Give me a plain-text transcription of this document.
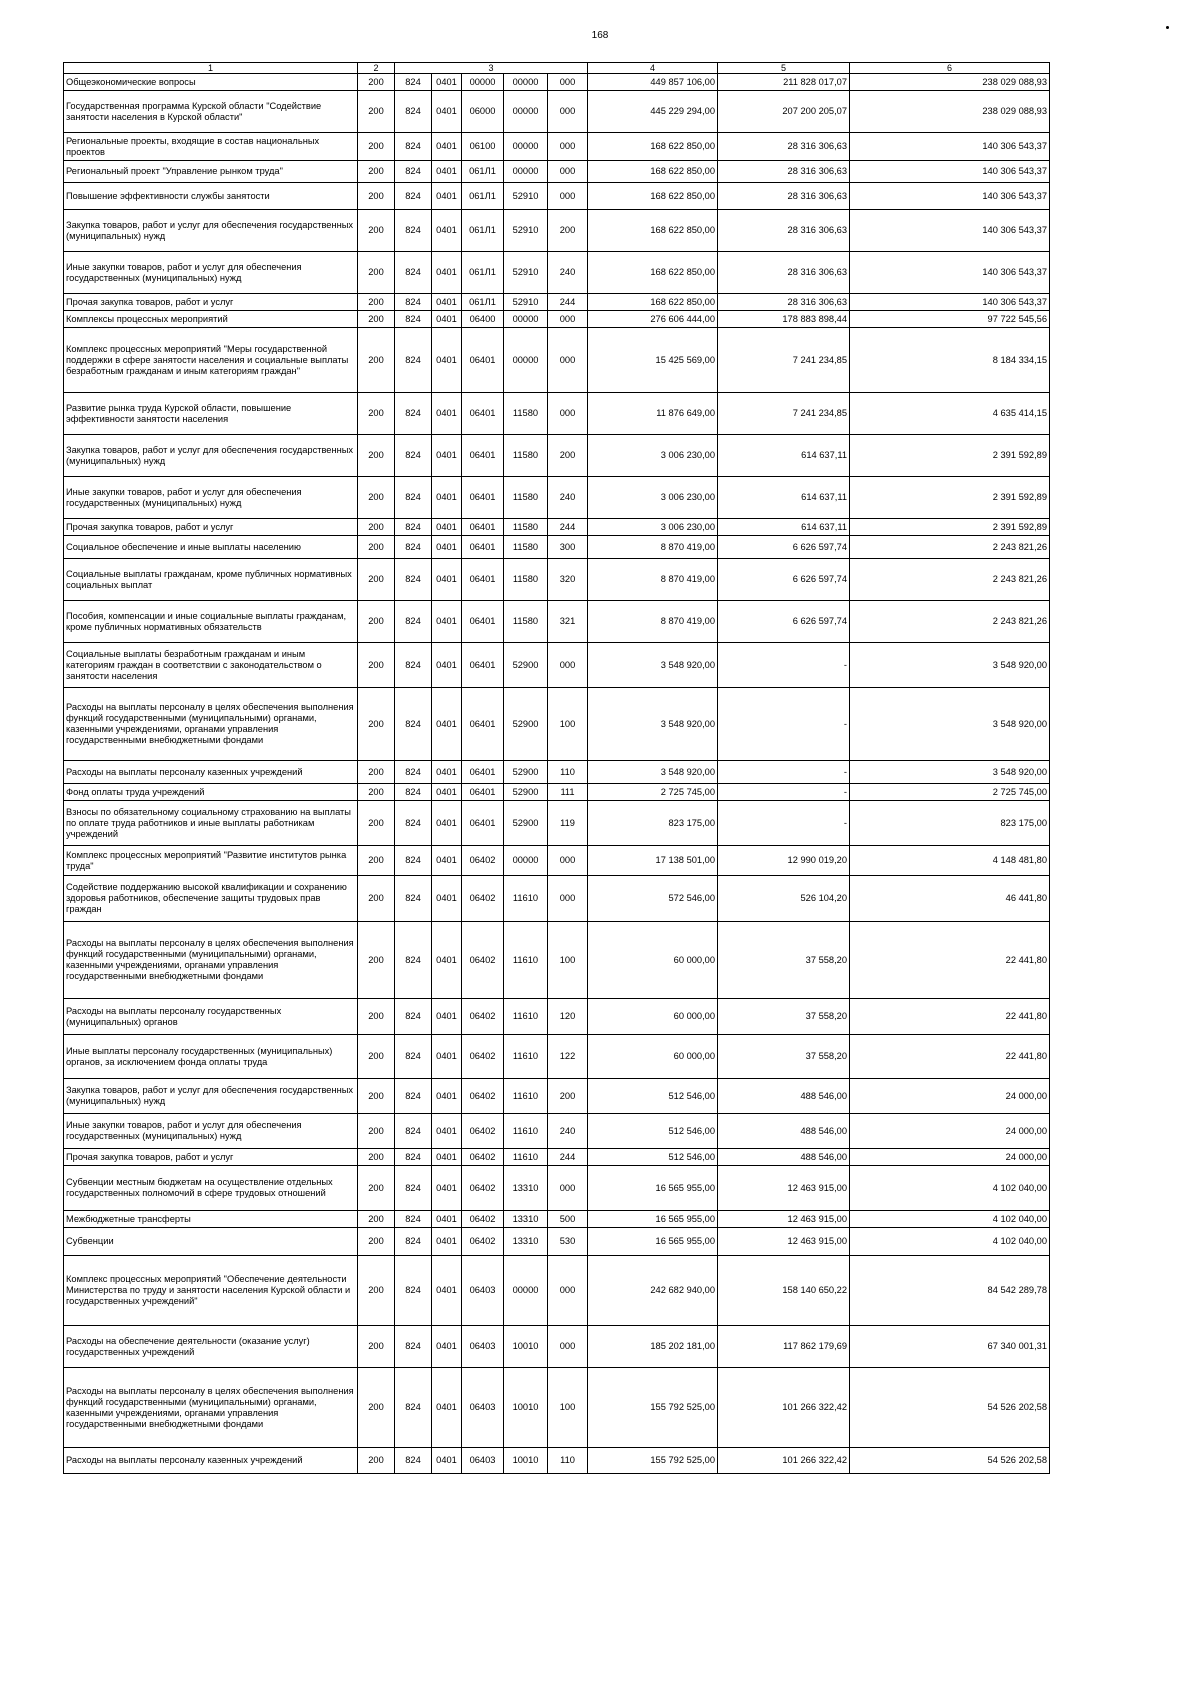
168
1	2	3					4	5	6
Общеэкономические вопросы	200	824	0401	00000	00000	000	449 857 106,00	211 828 017,07	238 029 088,93
Государственная программа Курской области "Содействие занятости населения в Курской области"	200	824	0401	06000	00000	000	445 229 294,00	207 200 205,07	238 029 088,93
Региональные проекты, входящие в состав национальных проектов	200	824	0401	06100	00000	000	168 622 850,00	28 316 306,63	140 306 543,37
Региональный проект "Управление рынком труда"	200	824	0401	061Л1	00000	000	168 622 850,00	28 316 306,63	140 306 543,37
Повышение эффективности службы занятости	200	824	0401	061Л1	52910	000	168 622 850,00	28 316 306,63	140 306 543,37
Закупка товаров, работ и услуг для обеспечения государственных (муниципальных) нужд	200	824	0401	061Л1	52910	200	168 622 850,00	28 316 306,63	140 306 543,37
Иные закупки товаров, работ и услуг для обеспечения государственных (муниципальных) нужд	200	824	0401	061Л1	52910	240	168 622 850,00	28 316 306,63	140 306 543,37
Прочая закупка товаров, работ и услуг	200	824	0401	061Л1	52910	244	168 622 850,00	28 316 306,63	140 306 543,37
Комплексы процессных мероприятий	200	824	0401	06400	00000	000	276 606 444,00	178 883 898,44	97 722 545,56
Комплекс процессных мероприятий "Меры государственной поддержки в сфере занятости населения и социальные выплаты безработным гражданам и иным категориям граждан"	200	824	0401	06401	00000	000	15 425 569,00	7 241 234,85	8 184 334,15
Развитие рынка труда Курской области, повышение эффективности занятости населения	200	824	0401	06401	11580	000	11 876 649,00	7 241 234,85	4 635 414,15
Закупка товаров, работ и услуг для обеспечения государственных (муниципальных) нужд	200	824	0401	06401	11580	200	3 006 230,00	614 637,11	2 391 592,89
Иные закупки товаров, работ и услуг для обеспечения государственных (муниципальных) нужд	200	824	0401	06401	11580	240	3 006 230,00	614 637,11	2 391 592,89
Прочая закупка товаров, работ и услуг	200	824	0401	06401	11580	244	3 006 230,00	614 637,11	2 391 592,89
Социальное обеспечение и иные выплаты населению	200	824	0401	06401	11580	300	8 870 419,00	6 626 597,74	2 243 821,26
Социальные выплаты гражданам, кроме публичных нормативных социальных выплат	200	824	0401	06401	11580	320	8 870 419,00	6 626 597,74	2 243 821,26
Пособия, компенсации и иные социальные выплаты гражданам, кроме публичных нормативных обязательств	200	824	0401	06401	11580	321	8 870 419,00	6 626 597,74	2 243 821,26
Социальные выплаты безработным гражданам и иным категориям граждан в соответствии с законодательством о занятости населения	200	824	0401	06401	52900	000	3 548 920,00	-	3 548 920,00
Расходы на выплаты персоналу в целях обеспечения выполнения функций государственными (муниципальными) органами, казенными учреждениями, органами управления государственными внебюджетными фондами	200	824	0401	06401	52900	100	3 548 920,00	-	3 548 920,00
Расходы на выплаты персоналу казенных учреждений	200	824	0401	06401	52900	110	3 548 920,00	-	3 548 920,00
Фонд оплаты труда учреждений	200	824	0401	06401	52900	111	2 725 745,00	-	2 725 745,00
Взносы по обязательному социальному страхованию на выплаты по оплате труда работников и иные выплаты работникам учреждений	200	824	0401	06401	52900	119	823 175,00	-	823 175,00
Комплекс процессных мероприятий "Развитие институтов рынка труда"	200	824	0401	06402	00000	000	17 138 501,00	12 990 019,20	4 148 481,80
Содействие поддержанию высокой квалификации и сохранению здоровья работников, обеспечение защиты трудовых прав граждан	200	824	0401	06402	11610	000	572 546,00	526 104,20	46 441,80
Расходы на выплаты персоналу в целях обеспечения выполнения функций государственными (муниципальными) органами, казенными учреждениями, органами управления государственными внебюджетными фондами	200	824	0401	06402	11610	100	60 000,00	37 558,20	22 441,80
Расходы на выплаты персоналу государственных (муниципальных) органов	200	824	0401	06402	11610	120	60 000,00	37 558,20	22 441,80
Иные выплаты персоналу государственных (муниципальных) органов, за исключением фонда оплаты труда	200	824	0401	06402	11610	122	60 000,00	37 558,20	22 441,80
Закупка товаров, работ и услуг для обеспечения государственных (муниципальных) нужд	200	824	0401	06402	11610	200	512 546,00	488 546,00	24 000,00
Иные закупки товаров, работ и услуг для обеспечения государственных (муниципальных) нужд	200	824	0401	06402	11610	240	512 546,00	488 546,00	24 000,00
Прочая закупка товаров, работ и услуг	200	824	0401	06402	11610	244	512 546,00	488 546,00	24 000,00
Субвенции местным бюджетам на осуществление отдельных государственных полномочий в сфере трудовых отношений	200	824	0401	06402	13310	000	16 565 955,00	12 463 915,00	4 102 040,00
Межбюджетные трансферты	200	824	0401	06402	13310	500	16 565 955,00	12 463 915,00	4 102 040,00
Субвенции	200	824	0401	06402	13310	530	16 565 955,00	12 463 915,00	4 102 040,00
Комплекс процессных мероприятий "Обеспечение деятельности Министерства по труду и занятости населения Курской области и государственных учреждений"	200	824	0401	06403	00000	000	242 682 940,00	158 140 650,22	84 542 289,78
Расходы на обеспечение деятельности (оказание услуг) государственных учреждений	200	824	0401	06403	10010	000	185 202 181,00	117 862 179,69	67 340 001,31
Расходы на выплаты персоналу в целях обеспечения выполнения функций государственными (муниципальными) органами, казенными учреждениями, органами управления государственными внебюджетными фондами	200	824	0401	06403	10010	100	155 792 525,00	101 266 322,42	54 526 202,58
Расходы на выплаты персоналу казенных учреждений	200	824	0401	06403	10010	110	155 792 525,00	101 266 322,42	54 526 202,58
